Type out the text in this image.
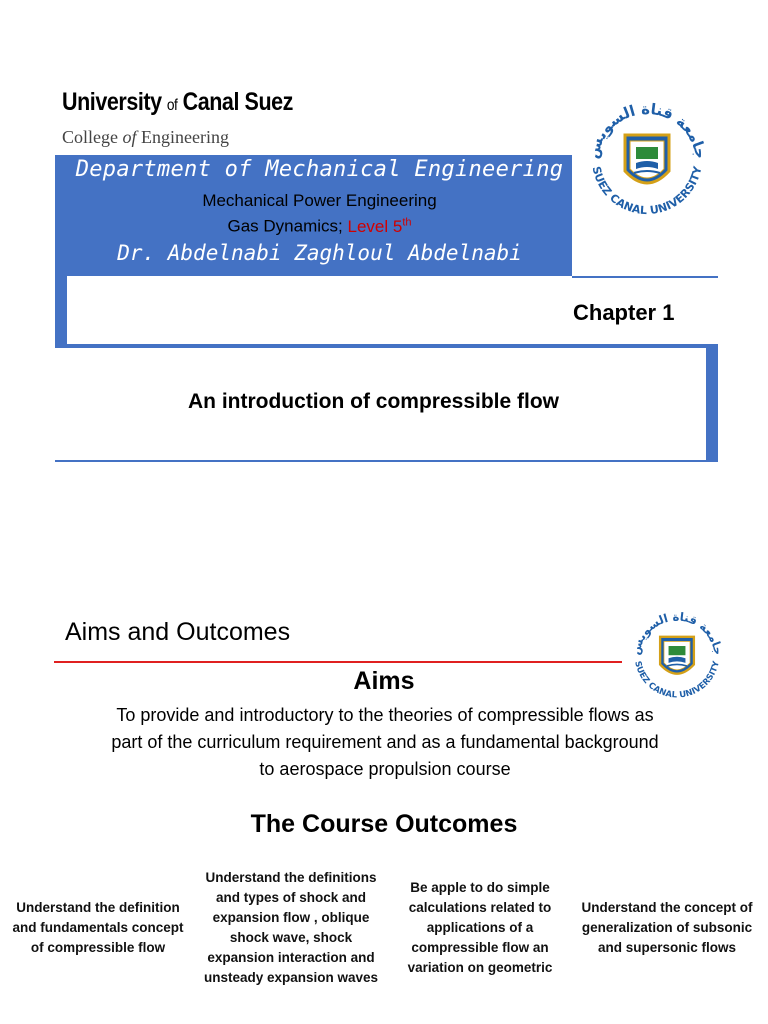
University of Canal Suez
College of Engineering
Department of Mechanical Engineering
Mechanical Power Engineering
Gas Dynamics; Level 5th
Dr. Abdelnabi Zaghloul Abdelnabi
Chapter 1
An introduction of compressible flow
جامعة قناة السويس
SUEZ CANAL UNIVERSITY
Aims and Outcomes
جامعة قناة السويس
SUEZ CANAL UNIVERSITY
Aims
To provide and introductory to the theories of compressible flows as
part of the curriculum requirement and as a fundamental background
to aerospace propulsion course
The Course Outcomes
Understand the definition
and fundamentals concept
of compressible flow
Understand the definitions
and types of shock and
expansion flow , oblique
shock wave, shock
expansion interaction and
unsteady expansion waves
Be apple to do simple
calculations related to
applications of a
compressible flow an
variation on geometric
Understand the concept of
generalization of subsonic
and supersonic flows
